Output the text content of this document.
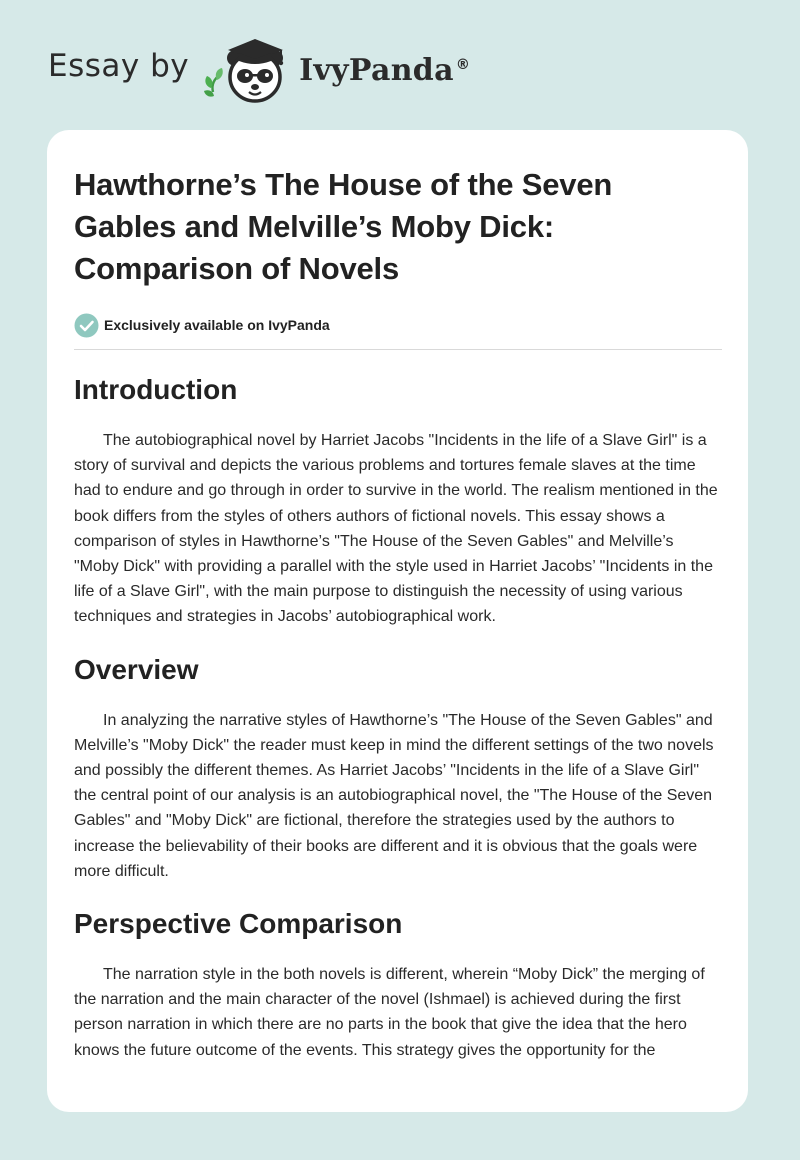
Essay by	IvyPanda ®
Hawthorne’s The House of the Seven Gables and Melville’s Moby Dick: Comparison of Novels
Exclusively available on IvyPanda
Introduction

The autobiographical novel by Harriet Jacobs "Incidents in the life of a Slave Girl" is a story of survival and depicts the various problems and tortures female slaves at the time had to endure and go through in order to survive in the world. The realism mentioned in the book differs from the styles of others authors of fictional novels. This essay shows a comparison of styles in Hawthorne’s "The House of the Seven Gables" and Melville’s "Moby Dick" with providing a parallel with the style used in Harriet Jacobs’ "Incidents in the life of a Slave Girl", with the main purpose to distinguish the necessity of using various techniques and strategies in Jacobs’ autobiographical work.

Overview

In analyzing the narrative styles of Hawthorne’s "The House of the Seven Gables" and Melville’s "Moby Dick" the reader must keep in mind the different settings of the two novels and possibly the different themes. As Harriet Jacobs’ "Incidents in the life of a Slave Girl" the central point of our analysis is an autobiographical novel, the "The House of the Seven Gables" and "Moby Dick" are fictional, therefore the strategies used by the authors to increase the believability of their books are different and it is obvious that the goals were more difficult.

Perspective Comparison

The narration style in the both novels is different, wherein “Moby Dick” the merging of the narration and the main character of the novel (Ishmael) is achieved during the first person narration in which there are no parts in the book that give the idea that the hero knows the future outcome of the events. This strategy gives the opportunity for the
